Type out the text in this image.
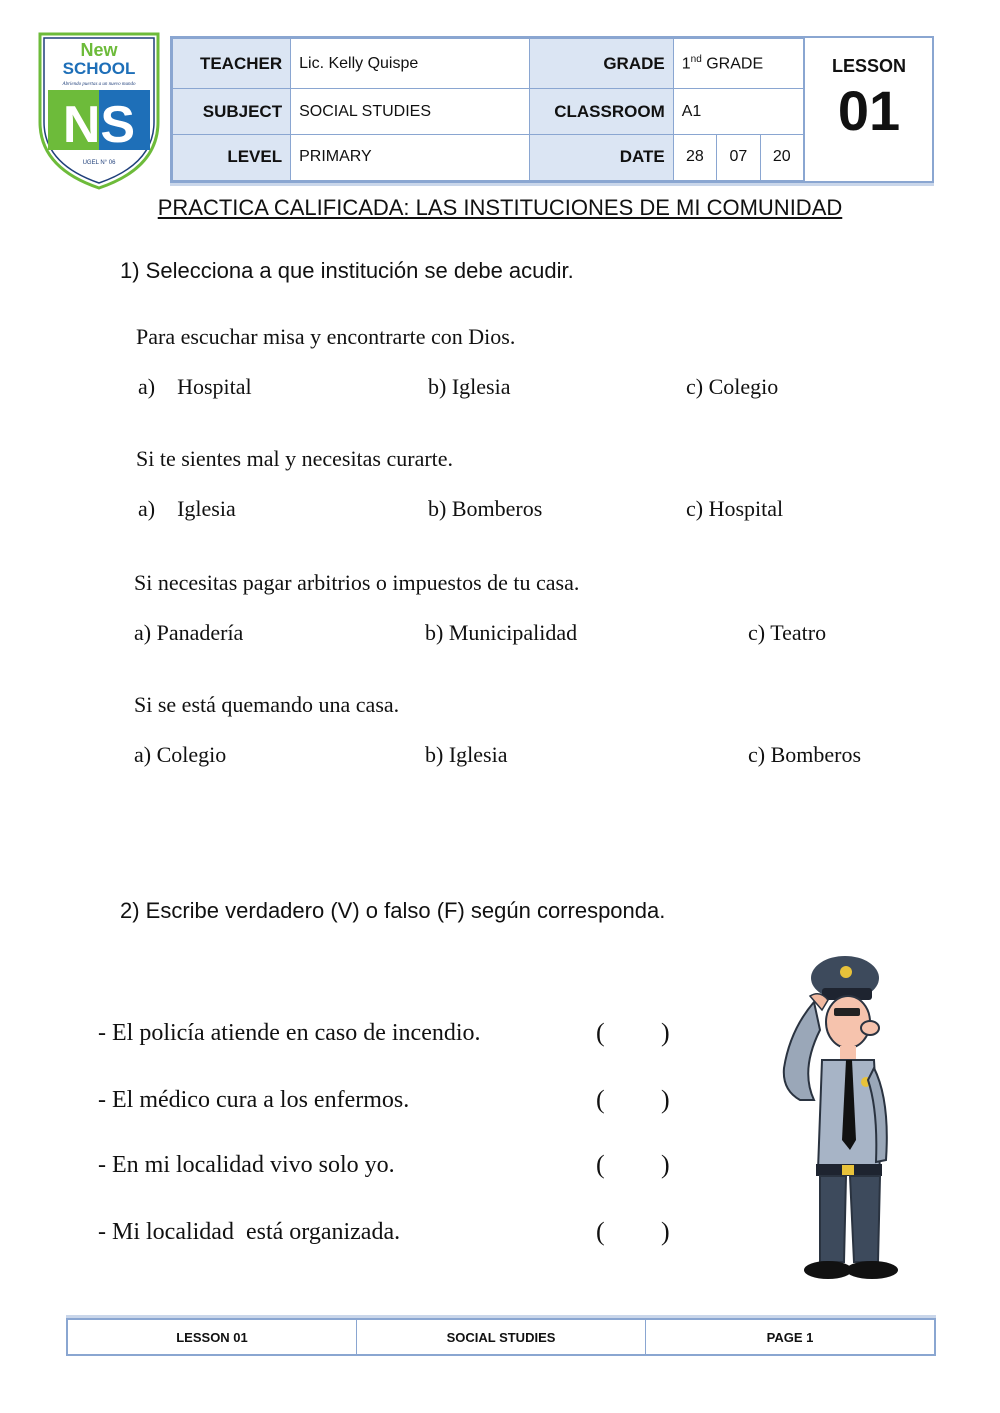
New
SCHOOL
Abriendo puertas a un nuevo mundo
NS
UGEL N° 06
TEACHER	Lic. Kelly Quispe	GRADE	1nd GRADE		
SUBJECT	SOCIAL STUDIES	CLASSROOM	A1		
LEVEL	PRIMARY	DATE	28	07	20
LESSON
01
PRACTICA CALIFICADA: LAS INSTITUCIONES DE MI COMUNIDAD
1) Selecciona a que institución se debe acudir.
Para escuchar misa y encontrarte con Dios.
a)    Hospital	b) Iglesia	c) Colegio
Si te sientes mal y necesitas curarte.
a)    Iglesia	b) Bomberos	c) Hospital
Si necesitas pagar arbitrios o impuestos de tu casa.
a) Panadería	b) Municipalidad	c) Teatro
Si se está quemando una casa.
a) Colegio	b) Iglesia	c) Bomberos
2) Escribe verdadero (V) o falso (F) según corresponda.
- El policía atiende en caso de incendio.	( )
- El médico cura a los enfermos.	( )
- En mi localidad vivo solo yo.	( )
- Mi localidad  está organizada.	( )
LESSON 01	SOCIAL STUDIES	PAGE 1
